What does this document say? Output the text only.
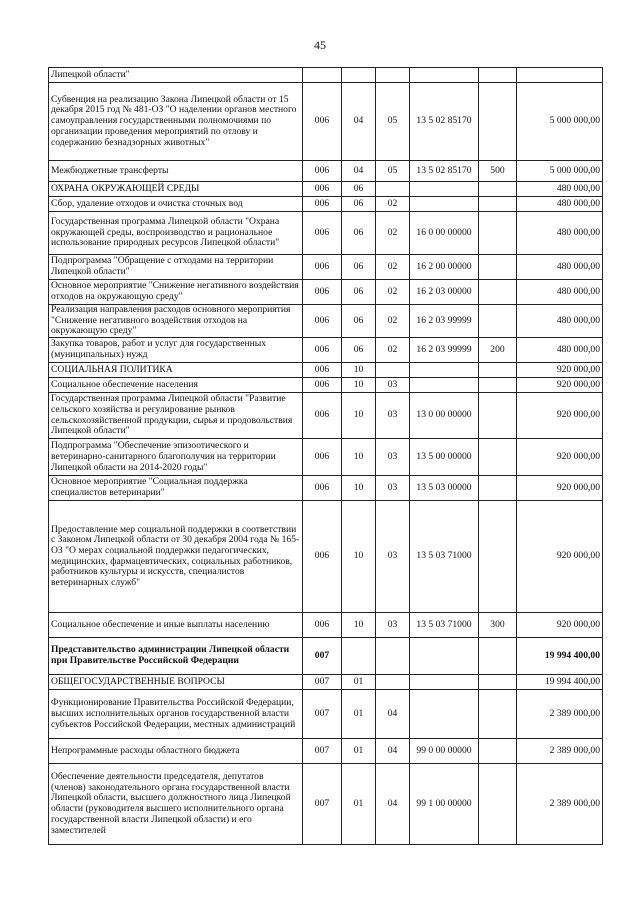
45
Липецкой области"						
Субвенция на реализацию Закона Липецкой области от 15 декабря 2015 год № 481-ОЗ "О наделении органов местного самоуправления государственными полномочиями по организации проведения мероприятий по отлову и содержанию безнадзорных животных"	006	04	05	13 5 02 85170		5 000 000,00
Межбюджетные трансферты	006	04	05	13 5 02 85170	500	5 000 000,00
ОХРАНА ОКРУЖАЮЩЕЙ СРЕДЫ	006	06				480 000,00
Сбор, удаление отходов и очистка сточных вод	006	06	02			480 000,00
Государственная программа Липецкой области "Охрана окружающей среды, воспроизводство и рациональное использование природных ресурсов Липецкой области"	006	06	02	16 0 00 00000		480 000,00
Подпрограмма "Обращение с отходами на территории Липецкой области"	006	06	02	16 2 00 00000		480 000,00
Основное мероприятие "Снижение негативного воздействия отходов на окружающую среду"	006	06	02	16 2 03 00000		480 000,00
Реализация направления расходов основного мероприятия "Снижение негативного воздействия отходов на окружающую среду"	006	06	02	16 2 03 99999		480 000,00
Закупка товаров, работ и услуг для государственных (муниципальных) нужд	006	06	02	16 2 03 99999	200	480 000,00
СОЦИАЛЬНАЯ ПОЛИТИКА	006	10				920 000,00
Социальное обеспечение населения	006	10	03			920 000,00
Государственная программа Липецкой области "Развитие сельского хозяйства и регулирование рынков сельскохозяйственной продукции, сырья и продовольствия Липецкой области"	006	10	03	13 0 00 00000		920 000,00
Подпрограмма "Обеспечение эпизоотического и ветеринарно-санитарного благополучия на территории Липецкой области на 2014-2020 годы"	006	10	03	13 5 00 00000		920 000,00
Основное мероприятие "Социальная поддержка специалистов ветеринарии"	006	10	03	13 5 03 00000		920 000,00
Предоставление мер социальной поддержки в соответствии с Законом Липецкой области от 30 декабря 2004 года № 165-ОЗ "О мерах социальной поддержки педагогических, медицинских, фармацевтических, социальных работников, работников культуры и искусств, специалистов ветеринарных служб"	006	10	03	13 5 03 71000		920 000,00
Социальное обеспечение и иные выплаты населению	006	10	03	13 5 03 71000	300	920 000,00
Представительство администрации Липецкой области при Правительстве Российской Федерации	007					19 994 400,00
ОБЩЕГОСУДАРСТВЕННЫЕ ВОПРОСЫ	007	01				19 994 400,00
Функционирование Правительства Российской Федерации, высших исполнительных органов государственной власти субъектов Российской Федерации, местных администраций	007	01	04			2 389 000,00
Непрограммные расходы областного бюджета	007	01	04	99 0 00 00000		2 389 000,00
Обеспечение деятельности председателя, депутатов (членов) законодательного органа государственной власти Липецкой области, высшего должностного лица Липецкой области (руководителя высшего исполнительного органа государственной власти Липецкой области) и его заместителей	007	01	04	99 1 00 00000		2 389 000,00
